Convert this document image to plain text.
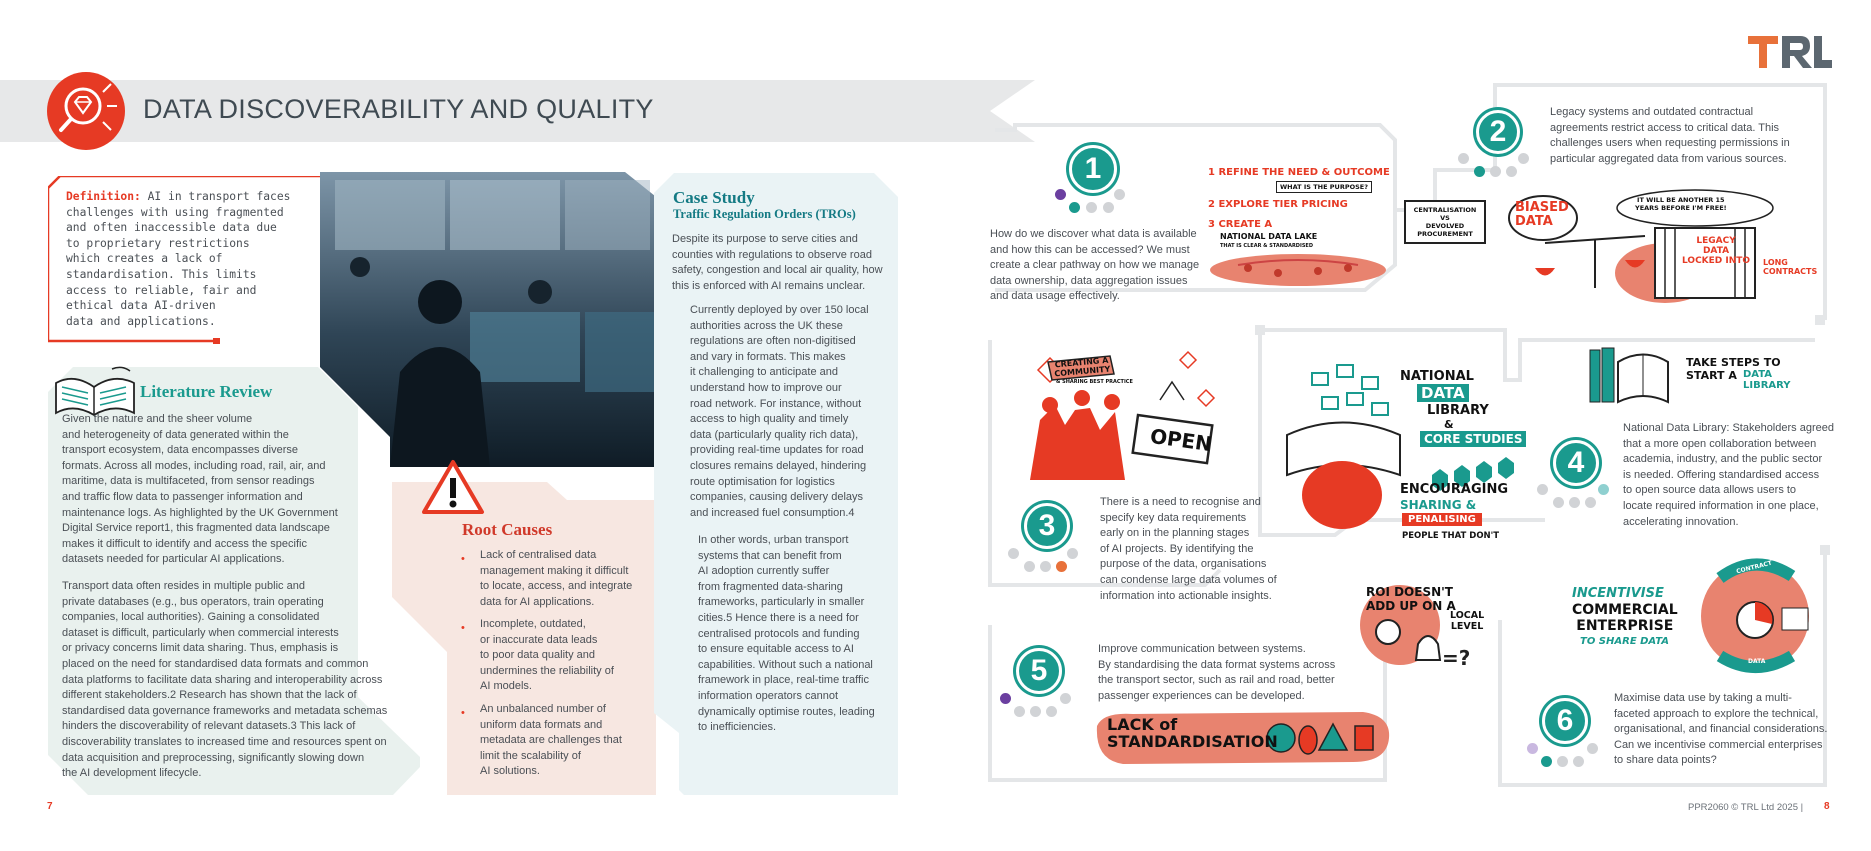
DATA DISCOVERABILITY AND QUALITY
Definition: AI in transport faces
challenges with using fragmented
and often inaccessible data due
to proprietary restrictions
which creates a lack of
standardisation. This limits
access to reliable, fair and
ethical data AI-driven
data and applications.
Literature Review
Given the nature and the sheer volume
and heterogeneity of data generated within the
transport ecosystem, data encompasses diverse
formats. Across all modes, including road, rail, air, and
maritime, data is multifaceted, from sensor readings
and traffic flow data to passenger information and
maintenance logs. As highlighted by the UK Government
Digital Service report1, this fragmented data landscape
makes it difficult to identify and access the specific
datasets needed for particular AI applications.
Transport data often resides in multiple public and
private databases (e.g., bus operators, train operating
companies, local authorities). Gaining a consolidated
dataset is difficult, particularly when commercial interests
or privacy concerns limit data sharing. Thus, emphasis is
placed on the need for standardised data formats and common
data platforms to facilitate data sharing and interoperability across
different stakeholders.2 Research has shown that the lack of
standardised data governance frameworks and metadata schemas
hinders the discoverability of relevant datasets.3 This lack of
discoverability translates to increased time and resources spent on
data acquisition and preprocessing, significantly slowing down
the AI development lifecycle.
Root Causes
• Lack of centralised data
management making it difficult
to locate, access, and integrate
data for AI applications.
• Incomplete, outdated,
or inaccurate data leads
to poor data quality and
undermines the reliability of
AI models.
• An unbalanced number of
uniform data formats and
metadata are challenges that
limit the scalability of
AI solutions.
Case Study
Traffic Regulation Orders (TROs)
Despite its purpose to serve cities and
counties with regulations to observe road
safety, congestion and local air quality, how
this is enforced with AI remains unclear.
Currently deployed by over 150 local
authorities across the UK these
regulations are often non-digitised
and vary in formats. This makes
it challenging to anticipate and
understand how to improve our
road network. For instance, without
access to high quality and timely
data (particularly quality rich data),
providing real-time updates for road
closures remains delayed, hindering
route optimisation for logistics
companies, causing delivery delays
and increased fuel consumption.4
In other words, urban transport
systems that can benefit from
AI adoption currently suffer
from fragmented data-sharing
frameworks, particularly in smaller
cities.5 Hence there is a need for
centralised protocols and funding
to ensure equitable access to AI
capabilities. Without such a national
framework in place, real-time traffic
information operators cannot
dynamically optimise routes, leading
to inefficiencies.
7
1
How do we discover what data is available
and how this can be accessed? We must
create a clear pathway on how we manage
data ownership, data aggregation issues
and data usage effectively.
1 REFINE THE NEED & OUTCOME
WHAT IS THE PURPOSE?
2 EXPLORE TIER PRICING
3 CREATE A
NATIONAL DATA LAKE
THAT IS CLEAR & STANDARDISED
CENTRALISATION
VS
DEVOLVED
PROCUREMENT
2
Legacy systems and outdated contractual
agreements restrict access to critical data. This
challenges users when requesting permissions in
particular aggregated data from various sources.
BIASED
DATA
IT WILL BE ANOTHER 15
YEARS BEFORE I'M FREE!
LEGACY
DATA
LOCKED INTO LONG
CONTRACTS
CREATING A
COMMUNITY
& SHARING BEST PRACTICE
OPEN
3
There is a need to recognise and
specify key data requirements
early on in the planning stages
of AI projects. By identifying the
purpose of the data, organisations
can condense large data volumes of
information into actionable insights.
NATIONAL
DATA
LIBRARY
&
CORE STUDIES
ENCOURAGING
SHARING &
PENALISING
PEOPLE THAT DON'T
TAKE STEPS TO
START A DATA
LIBRARY
4
National Data Library: Stakeholders agreed
that a more open collaboration between
academia, industry, and the public sector
is needed. Offering standardised access
to open source data allows users to
locate required information in one place,
accelerating innovation.
=?
ROI DOESN'T
ADD UP ON A
LOCAL
LEVEL
INCENTIVISE
COMMERCIAL
ENTERPRISE
TO SHARE DATA
CONTRACT
DATA
5
Improve communication between systems.
By standardising the data format systems across
the transport sector, such as rail and road, better
passenger experiences can be developed.
LACK of
STANDARDISATION
6
Maximise data use by taking a multi-
faceted approach to explore the technical,
organisational, and financial considerations.
Can we incentivise commercial enterprises
to share data points?
PPR2060 © TRL Ltd 2025 | 8
